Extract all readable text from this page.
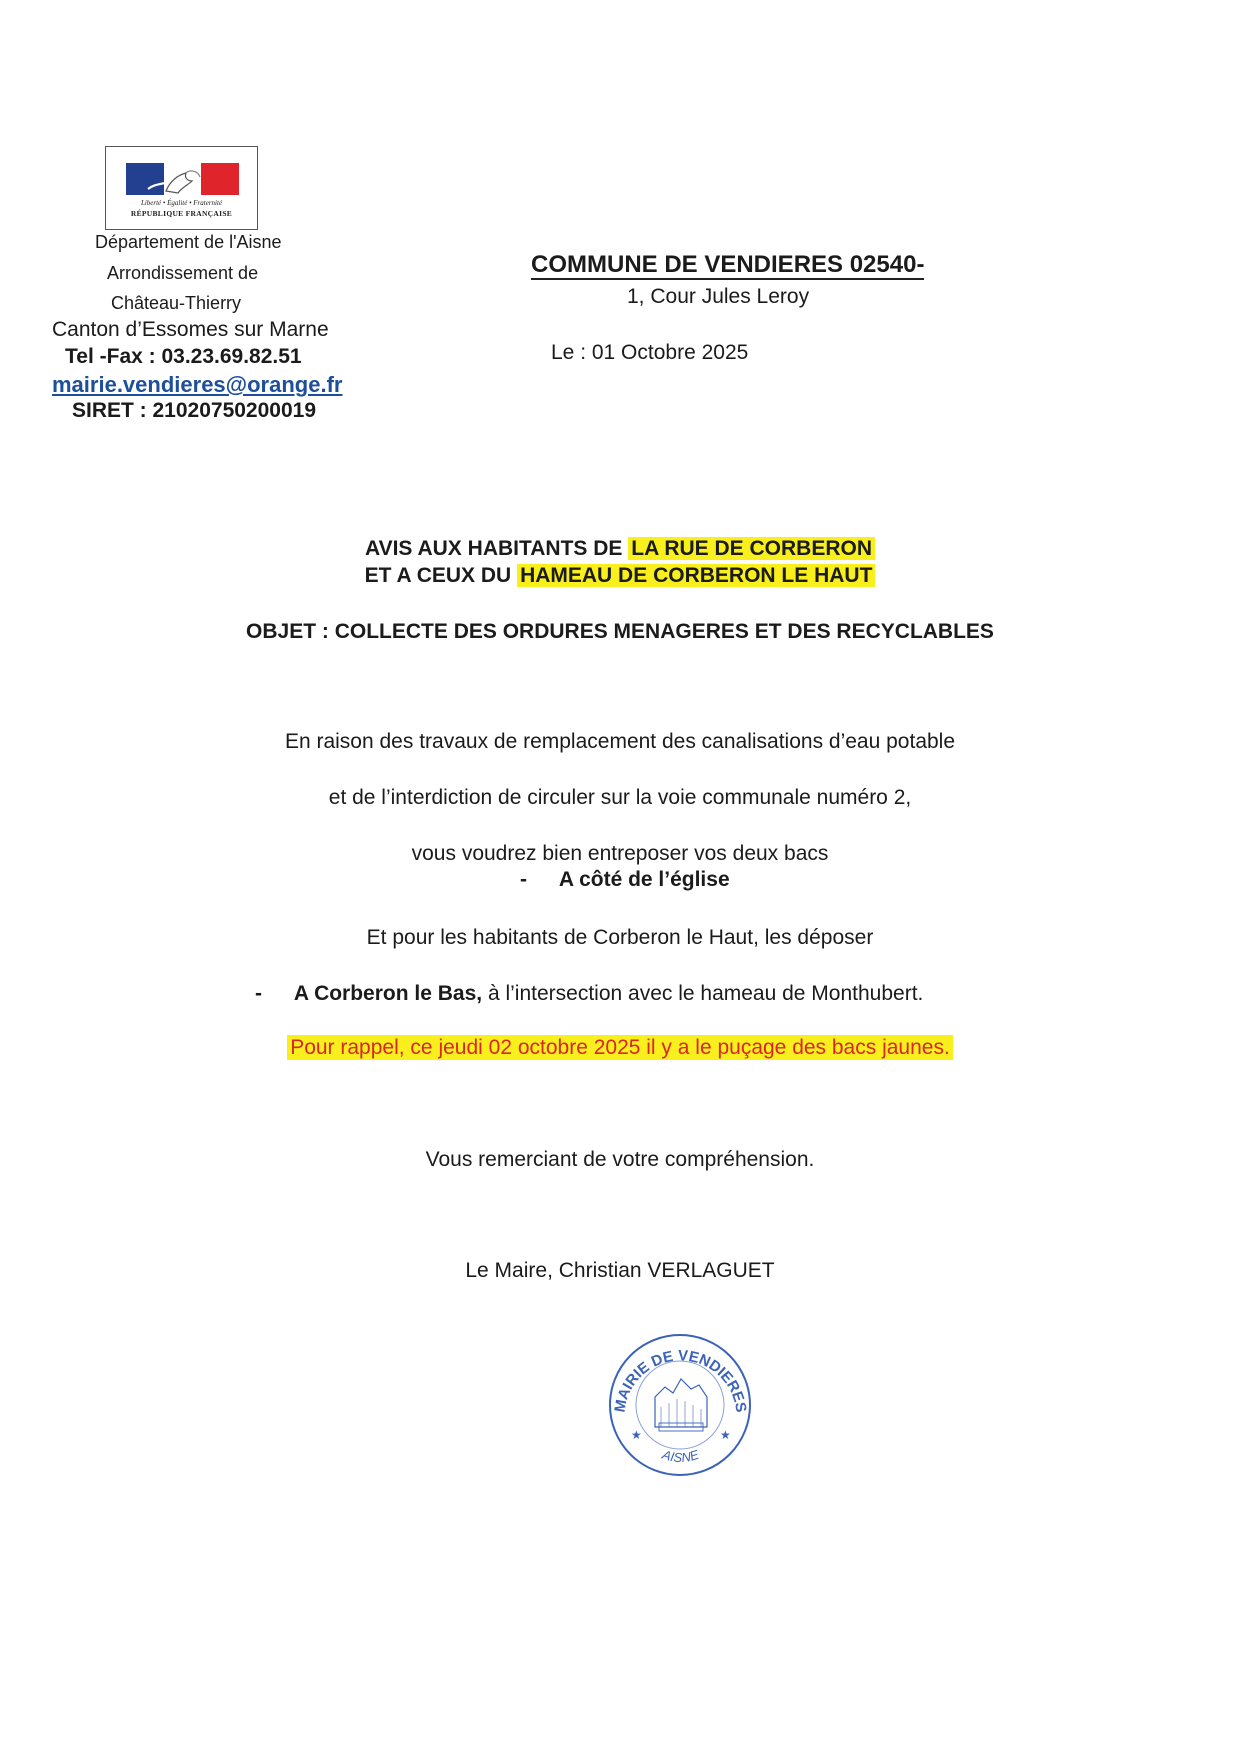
Liberté • Égalité • Fraternité
RÉPUBLIQUE FRANÇAISE
Département de l'Aisne
Arrondissement de
Château-Thierry
Canton d’Essomes sur Marne
Tel -Fax : 03.23.69.82.51
mairie.vendieres@orange.fr
SIRET : 21020750200019
COMMUNE DE VENDIERES 02540-
1, Cour Jules Leroy
Le : 01 Octobre 2025
AVIS AUX HABITANTS DE LA RUE DE CORBERON
ET A CEUX DU HAMEAU DE CORBERON LE HAUT
OBJET : COLLECTE DES ORDURES MENAGERES ET DES RECYCLABLES
En raison des travaux de remplacement des canalisations d’eau potable
et de l’interdiction de circuler sur la voie communale numéro 2,
vous voudrez bien entreposer vos deux bacs
- A côté de l’église
Et pour les habitants de Corberon le Haut, les déposer
- A Corberon le Bas, à l’intersection avec le hameau de Monthubert.
Pour rappel, ce jeudi 02 octobre 2025 il y a le puçage des bacs jaunes.
Vous remerciant de votre compréhension.
Le Maire, Christian VERLAGUET
MAIRIE DE VENDIERES
AISNE
★	★
